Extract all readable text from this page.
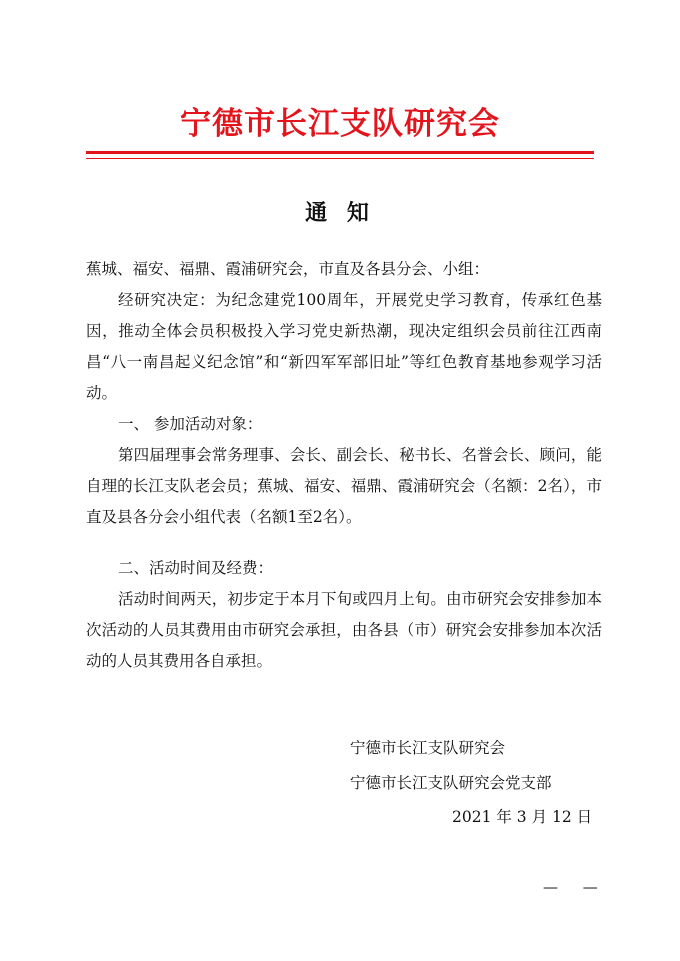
宁德市长江支队研究会
通 知

蕉城、福安、福鼎、霞浦研究会，市直及各县分会、小组：

经研究决定：为纪念建党100周年，开展党史学习教育，传承红色基因，推动全体会员积极投入学习党史新热潮，现决定组织会员前往江西南昌“八一南昌起义纪念馆”和“新四军军部旧址”等红色教育基地参观学习活动。

一、 参加活动对象：

第四届理事会常务理事、会长、副会长、秘书长、名誉会长、顾问，能自理的长江支队老会员；蕉城、福安、福鼎、霞浦研究会（名额：2名），市直及县各分会小组代表（名额1至2名）。

二、活动时间及经费：

活动时间两天，初步定于本月下旬或四月上旬。由市研究会安排参加本次活动的人员其费用由市研究会承担，由各县（市）研究会安排参加本次活动的人员其费用各自承担。

宁德市长江支队研究会

宁德市长江支队研究会党支部

2021 年 3 月 12 日

— —
